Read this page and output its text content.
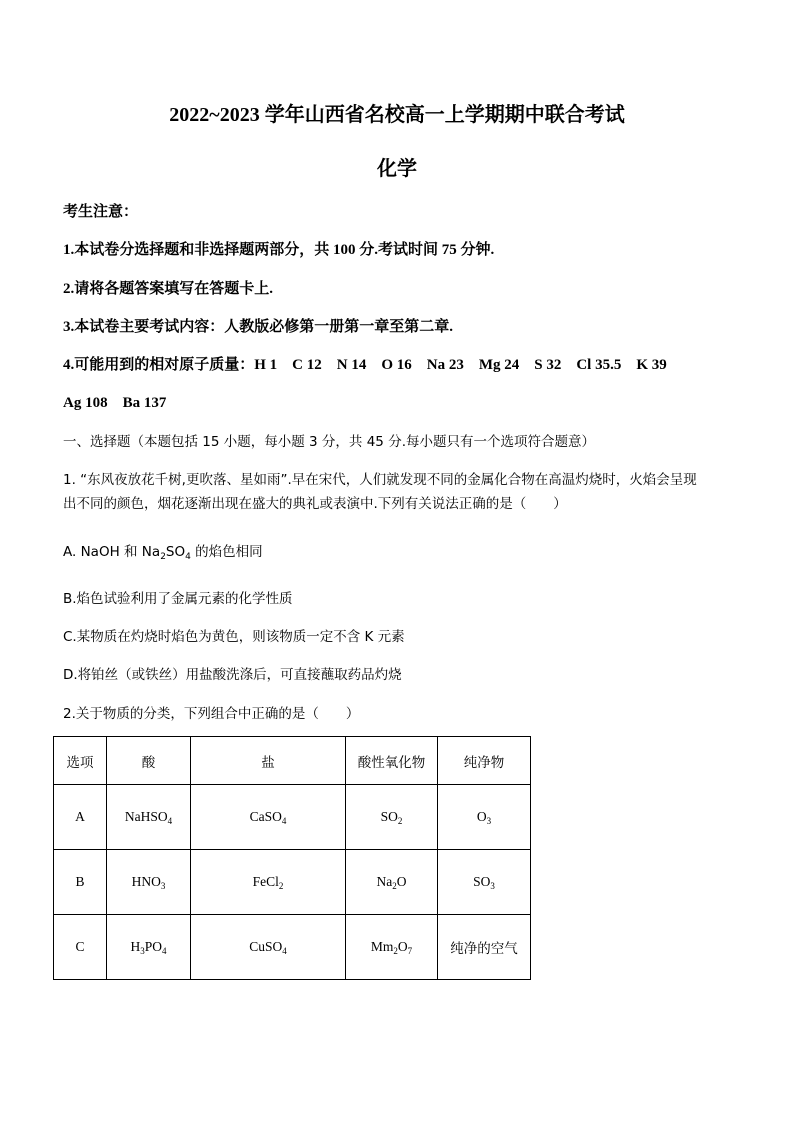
2022~2023 学年山西省名校高一上学期期中联合考试
化学
考生注意：
1.本试卷分选择题和非选择题两部分，共 100 分.考试时间 75 分钟.
2.请将各题答案填写在答题卡上.
3.本试卷主要考试内容：人教版必修第一册第一章至第二章.
4.可能用到的相对原子质量：H 1　C 12　N 14　O 16　Na 23　Mg 24　S 32　Cl 35.5　K 39
Ag 108　Ba 137
一、选择题（本题包括 15 小题，每小题 3 分，共 45 分.每小题只有一个选项符合题意）
1. “东风夜放花千树,更吹落、星如雨”.早在宋代，人们就发现不同的金属化合物在高温灼烧时，火焰会呈现
出不同的颜色，烟花逐渐出现在盛大的典礼或表演中.下列有关说法正确的是（　　）
A. NaOH 和 $Na_2SO_4$ 的焰色相同
B.焰色试验利用了金属元素的化学性质
C.某物质在灼烧时焰色为黄色，则该物质一定不含 K 元素
D.将铂丝（或铁丝）用盐酸洗涤后，可直接蘸取药品灼烧
2.关于物质的分类，下列组合中正确的是（　　）
选项	酸	盐	酸性氧化物	纯净物
A	NaHSO$_4$	CaSO$_4$	$SO_2$	$O_3$
B	$HNO_3$	FeCl$_2$	$Na_2O$	$SO_3$
C	$H_3PO_4$	CuSO$_4$	$Mm_2O_7$	纯净的空气
